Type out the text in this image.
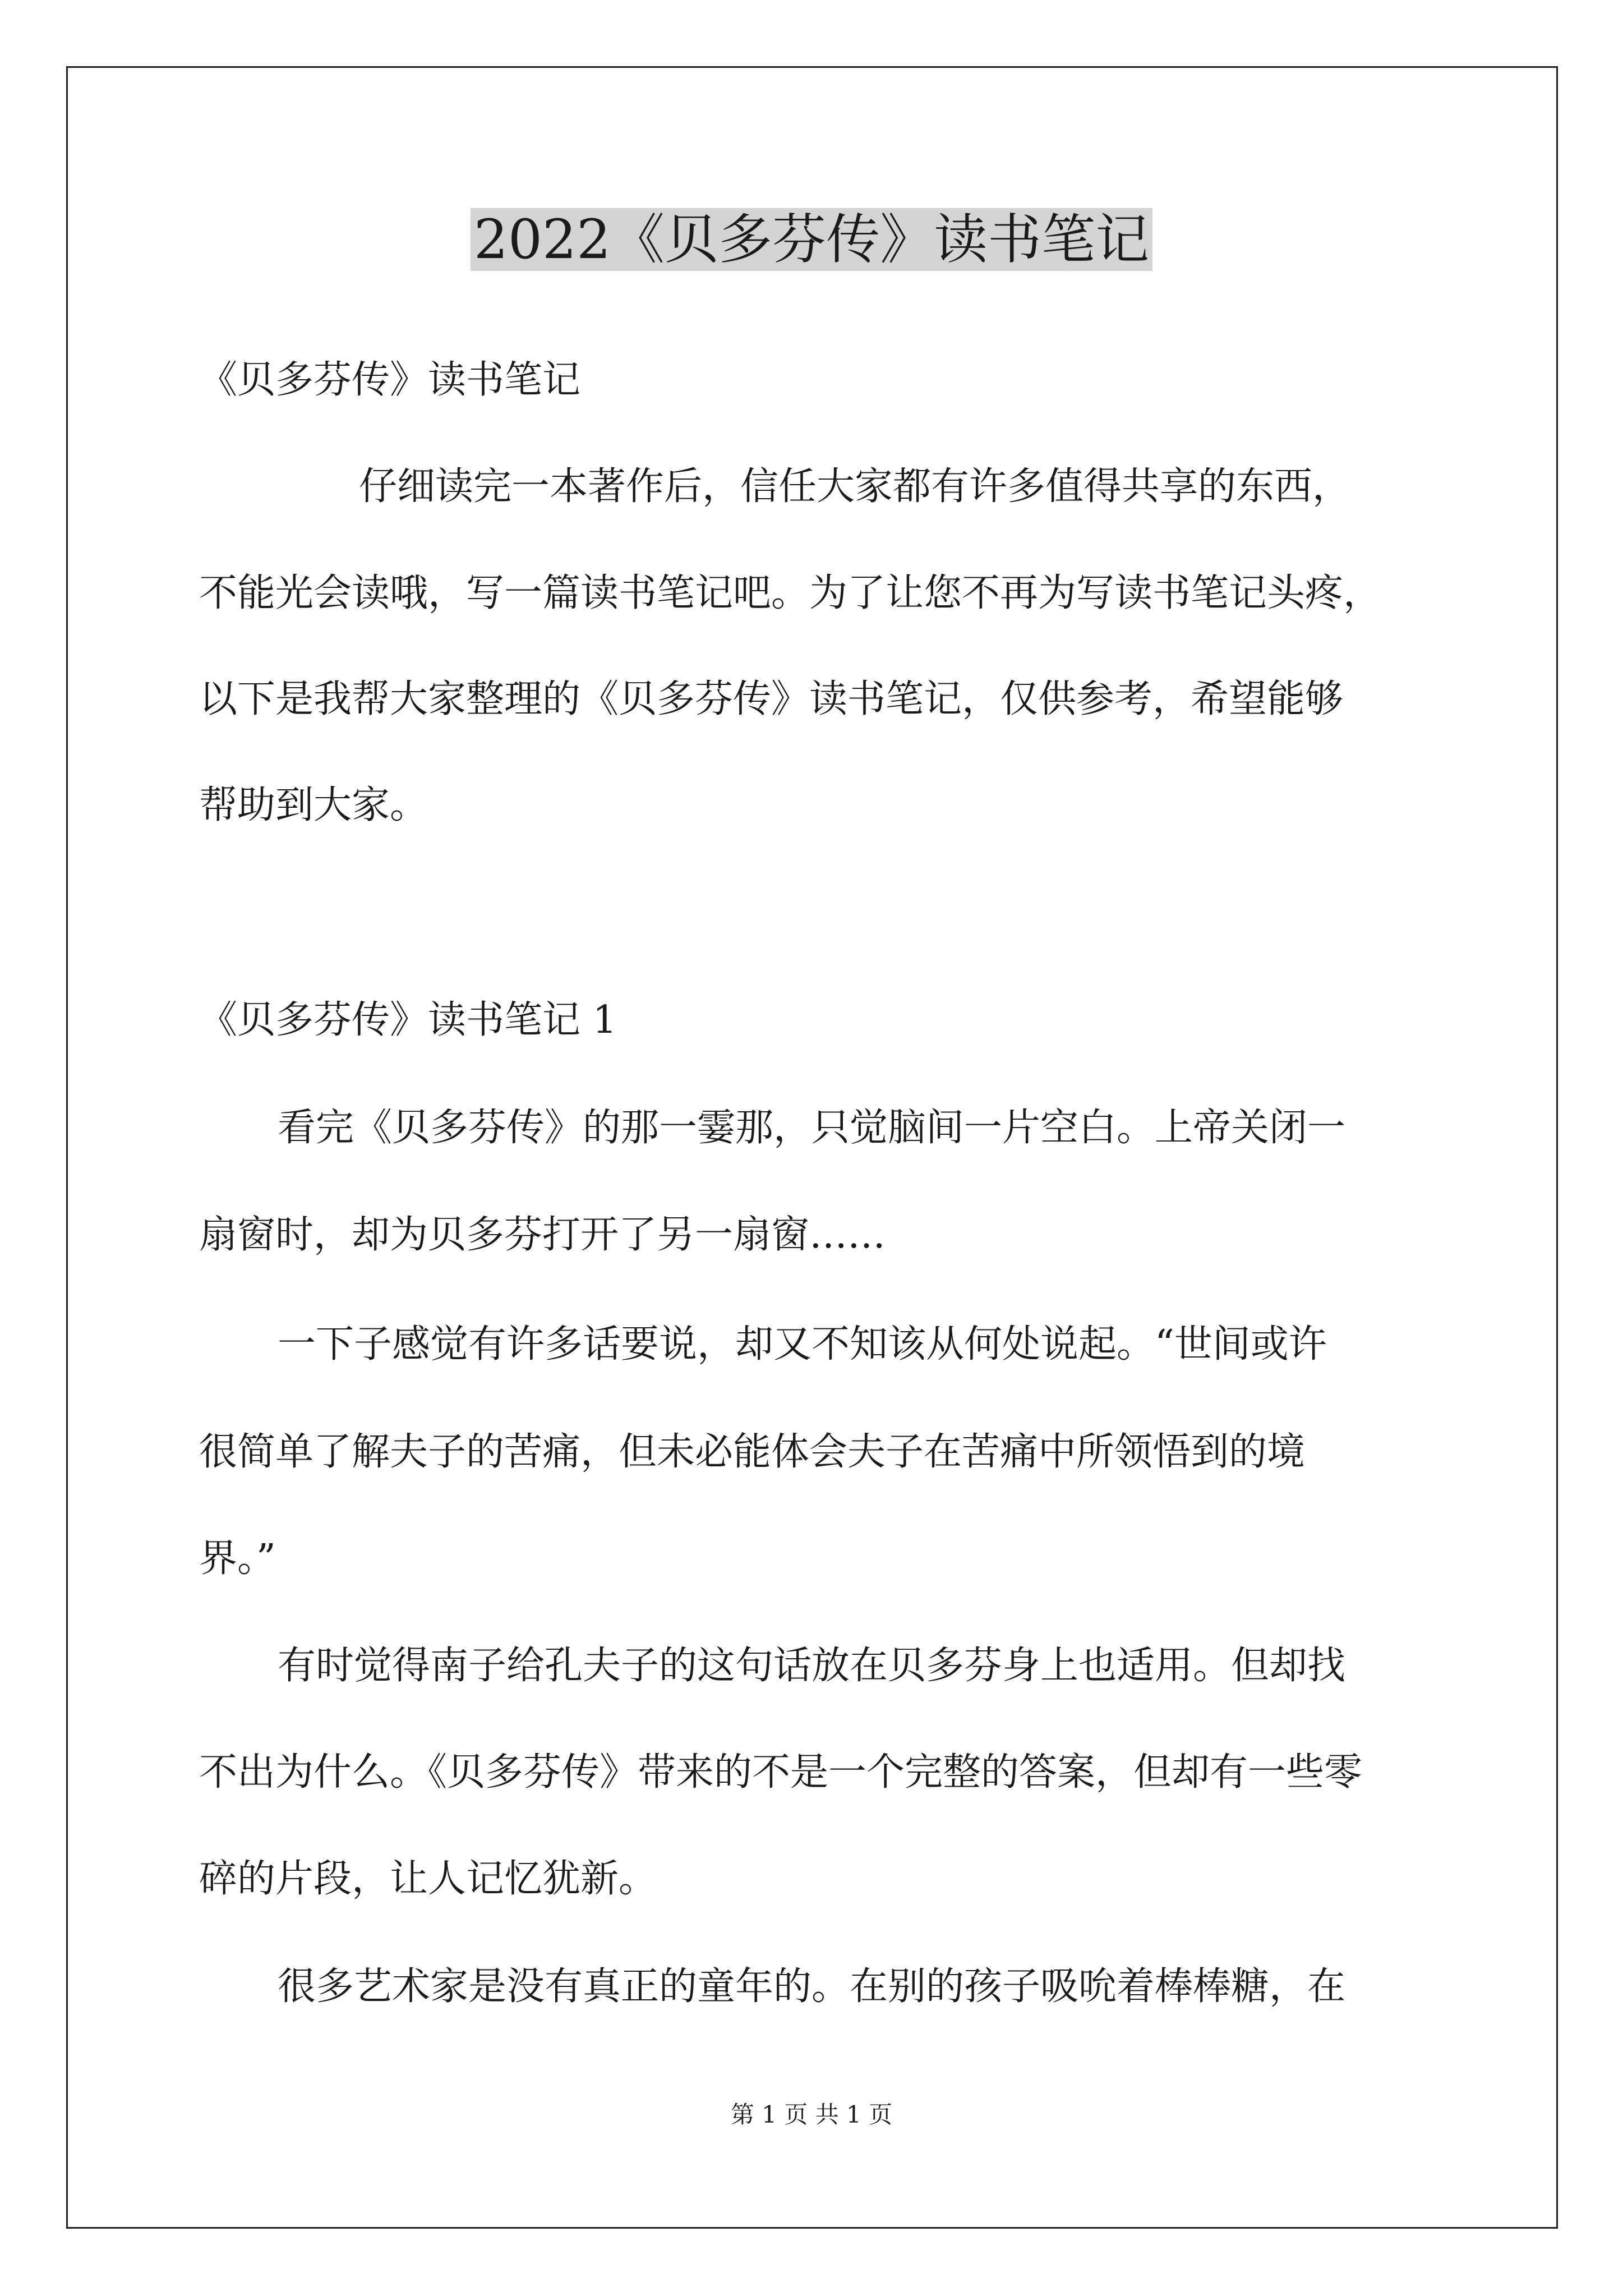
2022《贝多芬传》读书笔记
《贝多芬传》读书笔记
仔细读完一本著作后，信任大家都有许多值得共享的东西，
不能光会读哦，写一篇读书笔记吧。为了让您不再为写读书笔记头疼，
以下是我帮大家整理的《贝多芬传》读书笔记，仅供参考，希望能够
帮助到大家。
《贝多芬传》读书笔记 1
看完《贝多芬传》的那一霎那，只觉脑间一片空白。上帝关闭一
扇窗时，却为贝多芬打开了另一扇窗……
一下子感觉有许多话要说，却又不知该从何处说起。“世间或许
很简单了解夫子的苦痛，但未必能体会夫子在苦痛中所领悟到的境
界。”
有时觉得南子给孔夫子的这句话放在贝多芬身上也适用。但却找
不出为什么。《贝多芬传》带来的不是一个完整的答案，但却有一些零
碎的片段，让人记忆犹新。
很多艺术家是没有真正的童年的。在别的孩子吸吮着棒棒糖，在
第 1 页 共 1 页
